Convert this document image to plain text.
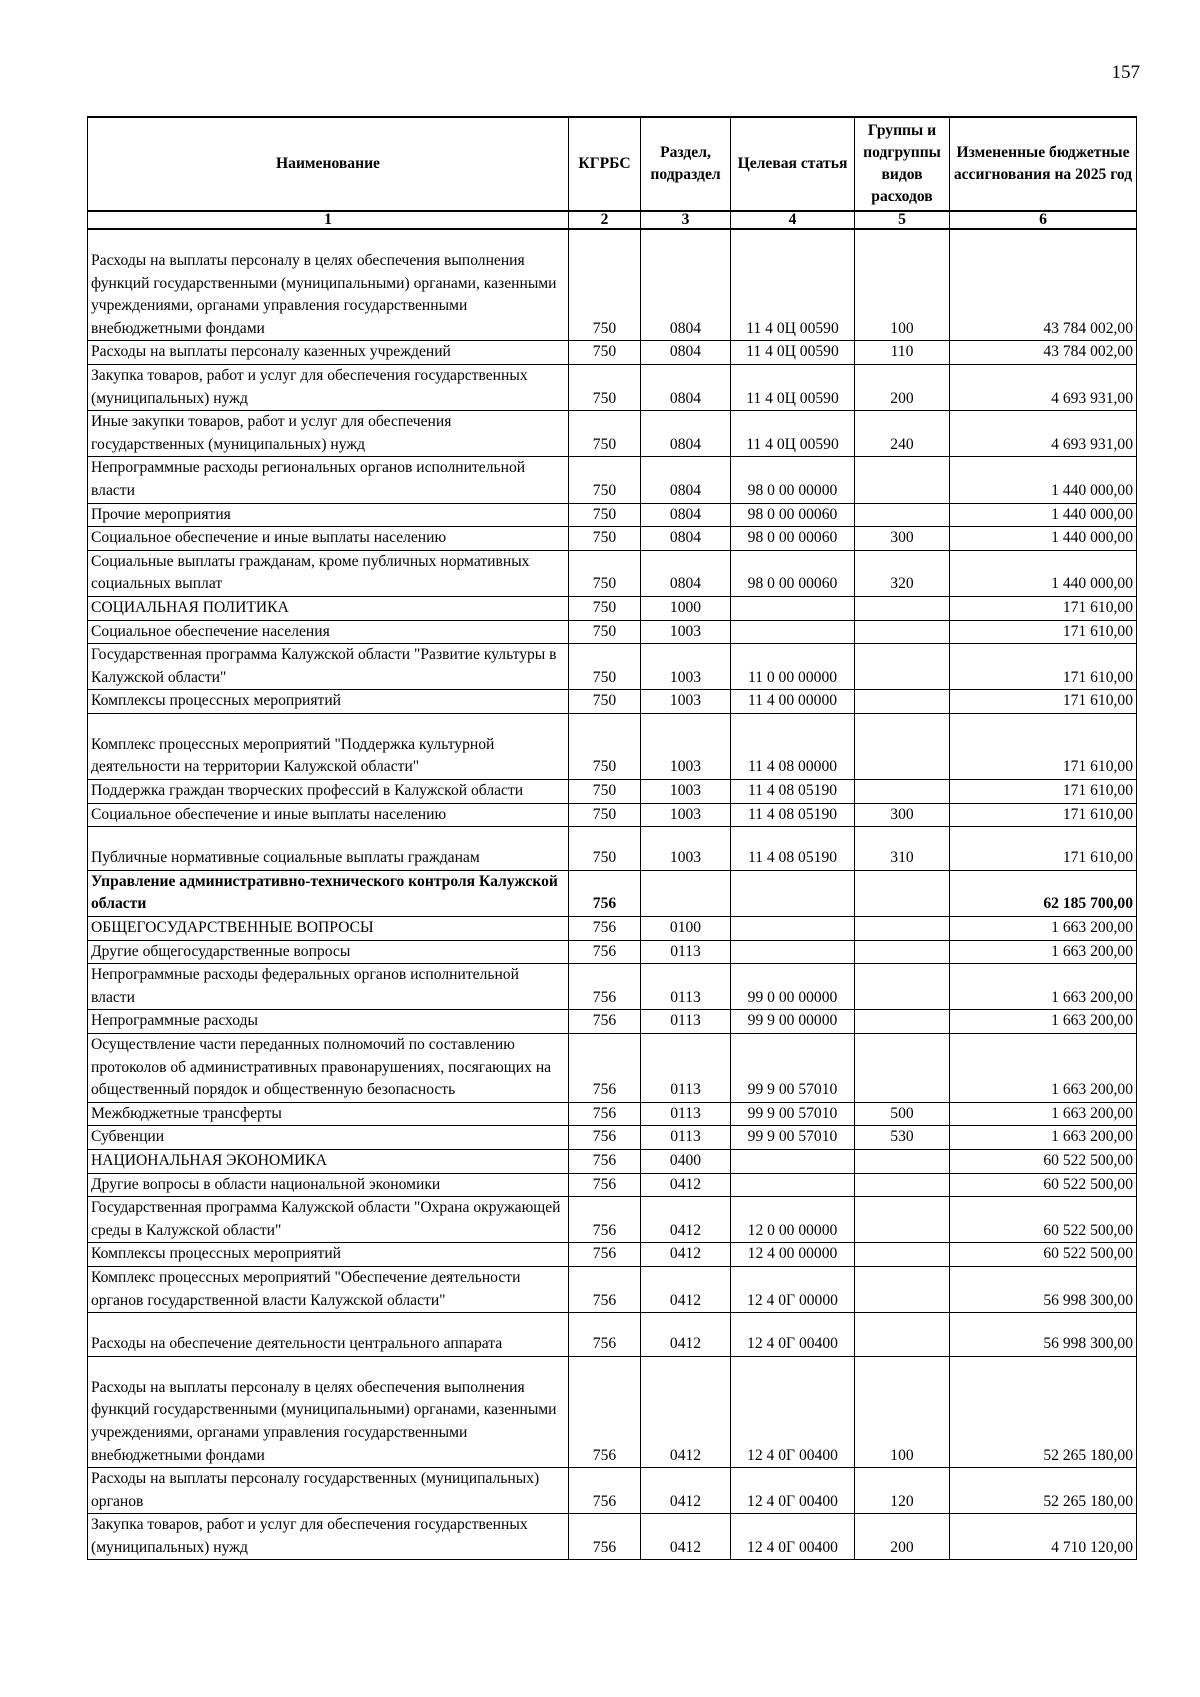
157
Наименование	КГРБС	Раздел, подраздел	Целевая статья	Группы и подгруппы видов расходов	Измененные бюджетные ассигнования на 2025 год
1	2	3	4	5	6
Расходы на выплаты персоналу в целях обеспечения выполнения функций государственными (муниципальными) органами, казенными учреждениями, органами управления государственными внебюджетными фондами	750	0804	11 4 0Ц 00590	100	43 784 002,00
Расходы на выплаты персоналу казенных учреждений	750	0804	11 4 0Ц 00590	110	43 784 002,00
Закупка товаров, работ и услуг для обеспечения государственных (муниципальных) нужд	750	0804	11 4 0Ц 00590	200	4 693 931,00
Иные закупки товаров, работ и услуг для обеспечения государственных (муниципальных) нужд	750	0804	11 4 0Ц 00590	240	4 693 931,00
Непрограммные расходы региональных органов исполнительной власти	750	0804	98 0 00 00000		1 440 000,00
Прочие мероприятия	750	0804	98 0 00 00060		1 440 000,00
Социальное обеспечение и иные выплаты населению	750	0804	98 0 00 00060	300	1 440 000,00
Социальные выплаты гражданам, кроме публичных нормативных социальных выплат	750	0804	98 0 00 00060	320	1 440 000,00
СОЦИАЛЬНАЯ ПОЛИТИКА	750	1000			171 610,00
Социальное обеспечение населения	750	1003			171 610,00
Государственная программа Калужской области "Развитие культуры в Калужской области"	750	1003	11 0 00 00000		171 610,00
Комплексы процессных мероприятий	750	1003	11 4 00 00000		171 610,00
Комплекс процессных мероприятий "Поддержка культурной деятельности на территории Калужской области"	750	1003	11 4 08 00000		171 610,00
Поддержка граждан творческих профессий в Калужской области	750	1003	11 4 08 05190		171 610,00
Социальное обеспечение и иные выплаты населению	750	1003	11 4 08 05190	300	171 610,00
Публичные нормативные социальные выплаты гражданам	750	1003	11 4 08 05190	310	171 610,00
Управление административно-технического контроля Калужской области	756				62 185 700,00
ОБЩЕГОСУДАРСТВЕННЫЕ ВОПРОСЫ	756	0100			1 663 200,00
Другие общегосударственные вопросы	756	0113			1 663 200,00
Непрограммные расходы федеральных органов исполнительной власти	756	0113	99 0 00 00000		1 663 200,00
Непрограммные расходы	756	0113	99 9 00 00000		1 663 200,00
Осуществление части переданных полномочий по составлению протоколов об административных правонарушениях, посягающих на общественный порядок и общественную безопасность	756	0113	99 9 00 57010		1 663 200,00
Межбюджетные трансферты	756	0113	99 9 00 57010	500	1 663 200,00
Субвенции	756	0113	99 9 00 57010	530	1 663 200,00
НАЦИОНАЛЬНАЯ ЭКОНОМИКА	756	0400			60 522 500,00
Другие вопросы в области национальной экономики	756	0412			60 522 500,00
Государственная программа Калужской области "Охрана окружающей среды в Калужской области"	756	0412	12 0 00 00000		60 522 500,00
Комплексы процессных мероприятий	756	0412	12 4 00 00000		60 522 500,00
Комплекс процессных мероприятий "Обеспечение деятельности органов государственной власти Калужской области"	756	0412	12 4 0Г 00000		56 998 300,00
Расходы на обеспечение деятельности центрального аппарата	756	0412	12 4 0Г 00400		56 998 300,00
Расходы на выплаты персоналу в целях обеспечения выполнения функций государственными (муниципальными) органами, казенными учреждениями, органами управления государственными внебюджетными фондами	756	0412	12 4 0Г 00400	100	52 265 180,00
Расходы на выплаты персоналу государственных (муниципальных) органов	756	0412	12 4 0Г 00400	120	52 265 180,00
Закупка товаров, работ и услуг для обеспечения государственных (муниципальных) нужд	756	0412	12 4 0Г 00400	200	4 710 120,00
